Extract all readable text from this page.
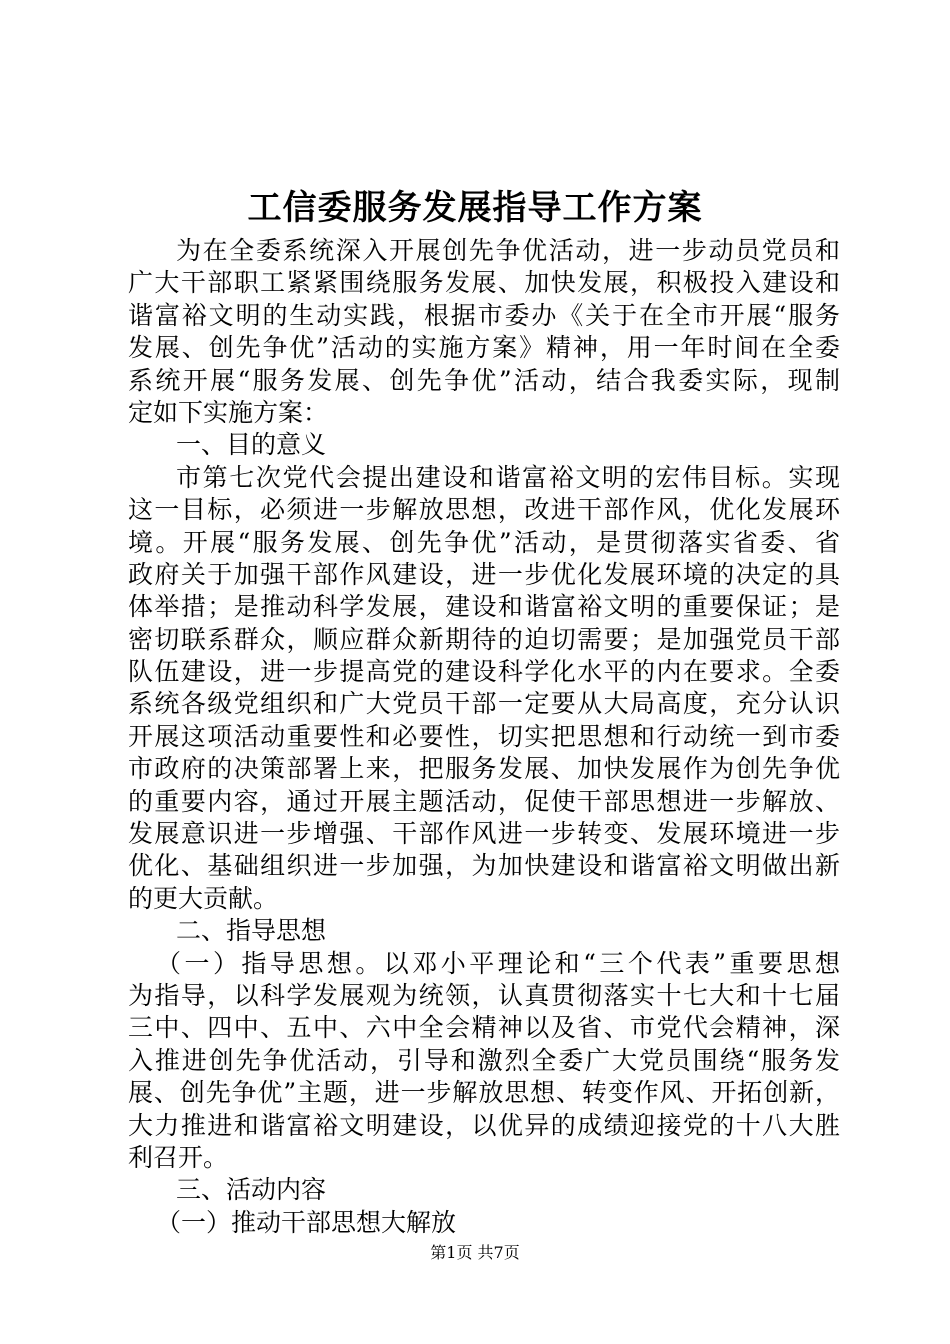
工信委服务发展指导工作方案
为在全委系统深入开展创先争优活动，进一步动员党员和
广大干部职工紧紧围绕服务发展、加快发展，积极投入建设和
谐富裕文明的生动实践，根据市委办《关于在全市开展“服务
发展、创先争优”活动的实施方案》精神，用一年时间在全委
系统开展“服务发展、创先争优”活动，结合我委实际，现制
定如下实施方案：
一、目的意义
市第七次党代会提出建设和谐富裕文明的宏伟目标。实现
这一目标，必须进一步解放思想，改进干部作风，优化发展环
境。开展“服务发展、创先争优”活动，是贯彻落实省委、省
政府关于加强干部作风建设，进一步优化发展环境的决定的具
体举措；是推动科学发展，建设和谐富裕文明的重要保证；是
密切联系群众，顺应群众新期待的迫切需要；是加强党员干部
队伍建设，进一步提高党的建设科学化水平的内在要求。全委
系统各级党组织和广大党员干部一定要从大局高度，充分认识
开展这项活动重要性和必要性，切实把思想和行动统一到市委
市政府的决策部署上来，把服务发展、加快发展作为创先争优
的重要内容，通过开展主题活动，促使干部思想进一步解放、
发展意识进一步增强、干部作风进一步转变、发展环境进一步
优化、基础组织进一步加强，为加快建设和谐富裕文明做出新
的更大贡献。
二、指导思想
（一）指导思想。以邓小平理论和“三个代表”重要思想
为指导，以科学发展观为统领，认真贯彻落实十七大和十七届
三中、四中、五中、六中全会精神以及省、市党代会精神，深
入推进创先争优活动，引导和激烈全委广大党员围绕“服务发
展、创先争优”主题，进一步解放思想、转变作风、开拓创新，
大力推进和谐富裕文明建设，以优异的成绩迎接党的十八大胜
利召开。
三、活动内容
（一）推动干部思想大解放
第1页 共7页
